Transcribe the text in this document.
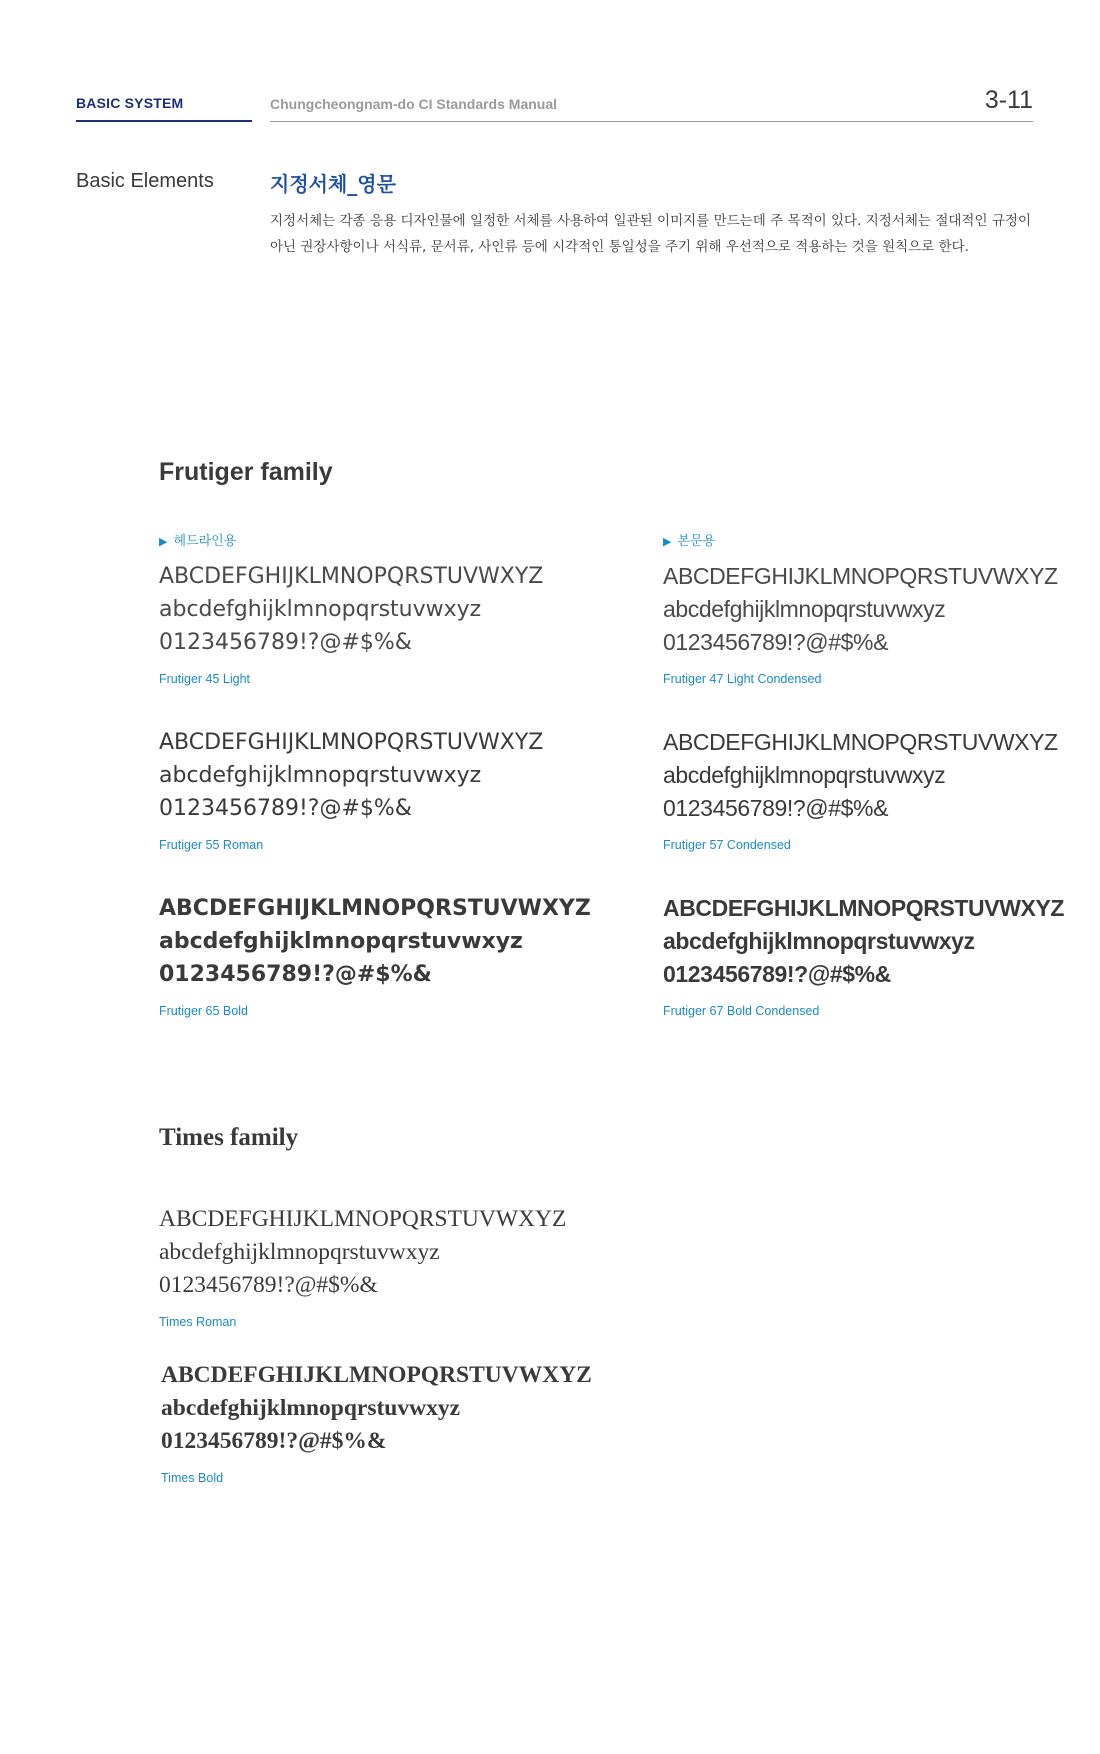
BASIC SYSTEM	Chungcheongnam-do CI Standards Manual	3-11
Basic Elements	지정서체_영문
지정서체는 각종 응용 디자인물에 일정한 서체를 사용하여 일관된 이미지를 만드는데 주 목적이 있다. 지정서체는 절대적인 규정이 아닌 권장사항이나 서식류, 문서류, 사인류 등에 시각적인 통일성을 주기 위해 우선적으로 적용하는 것을 원칙으로 한다.
Frutiger family
▶ 헤드라인용	▶ 본문용
ABCDEFGHIJKLMNOPQRSTUVWXYZ
abcdefghijklmnopqrstuvwxyz
0123456789!?@#$%&
Frutiger 45 Light
ABCDEFGHIJKLMNOPQRSTUVWXYZ
abcdefghijklmnopqrstuvwxyz
0123456789!?@#$%&
Frutiger 47 Light Condensed
ABCDEFGHIJKLMNOPQRSTUVWXYZ
abcdefghijklmnopqrstuvwxyz
0123456789!?@#$%&
Frutiger 55 Roman
ABCDEFGHIJKLMNOPQRSTUVWXYZ
abcdefghijklmnopqrstuvwxyz
0123456789!?@#$%&
Frutiger 57 Condensed
ABCDEFGHIJKLMNOPQRSTUVWXYZ
abcdefghijklmnopqrstuvwxyz
0123456789!?@#$%&
Frutiger 65 Bold
ABCDEFGHIJKLMNOPQRSTUVWXYZ
abcdefghijklmnopqrstuvwxyz
0123456789!?@#$%&
Frutiger 67 Bold Condensed
Times family
ABCDEFGHIJKLMNOPQRSTUVWXYZ
abcdefghijklmnopqrstuvwxyz
0123456789!?@#$%&
Times Roman
ABCDEFGHIJKLMNOPQRSTUVWXYZ
abcdefghijklmnopqrstuvwxyz
0123456789!?@#$%&
Times Bold
